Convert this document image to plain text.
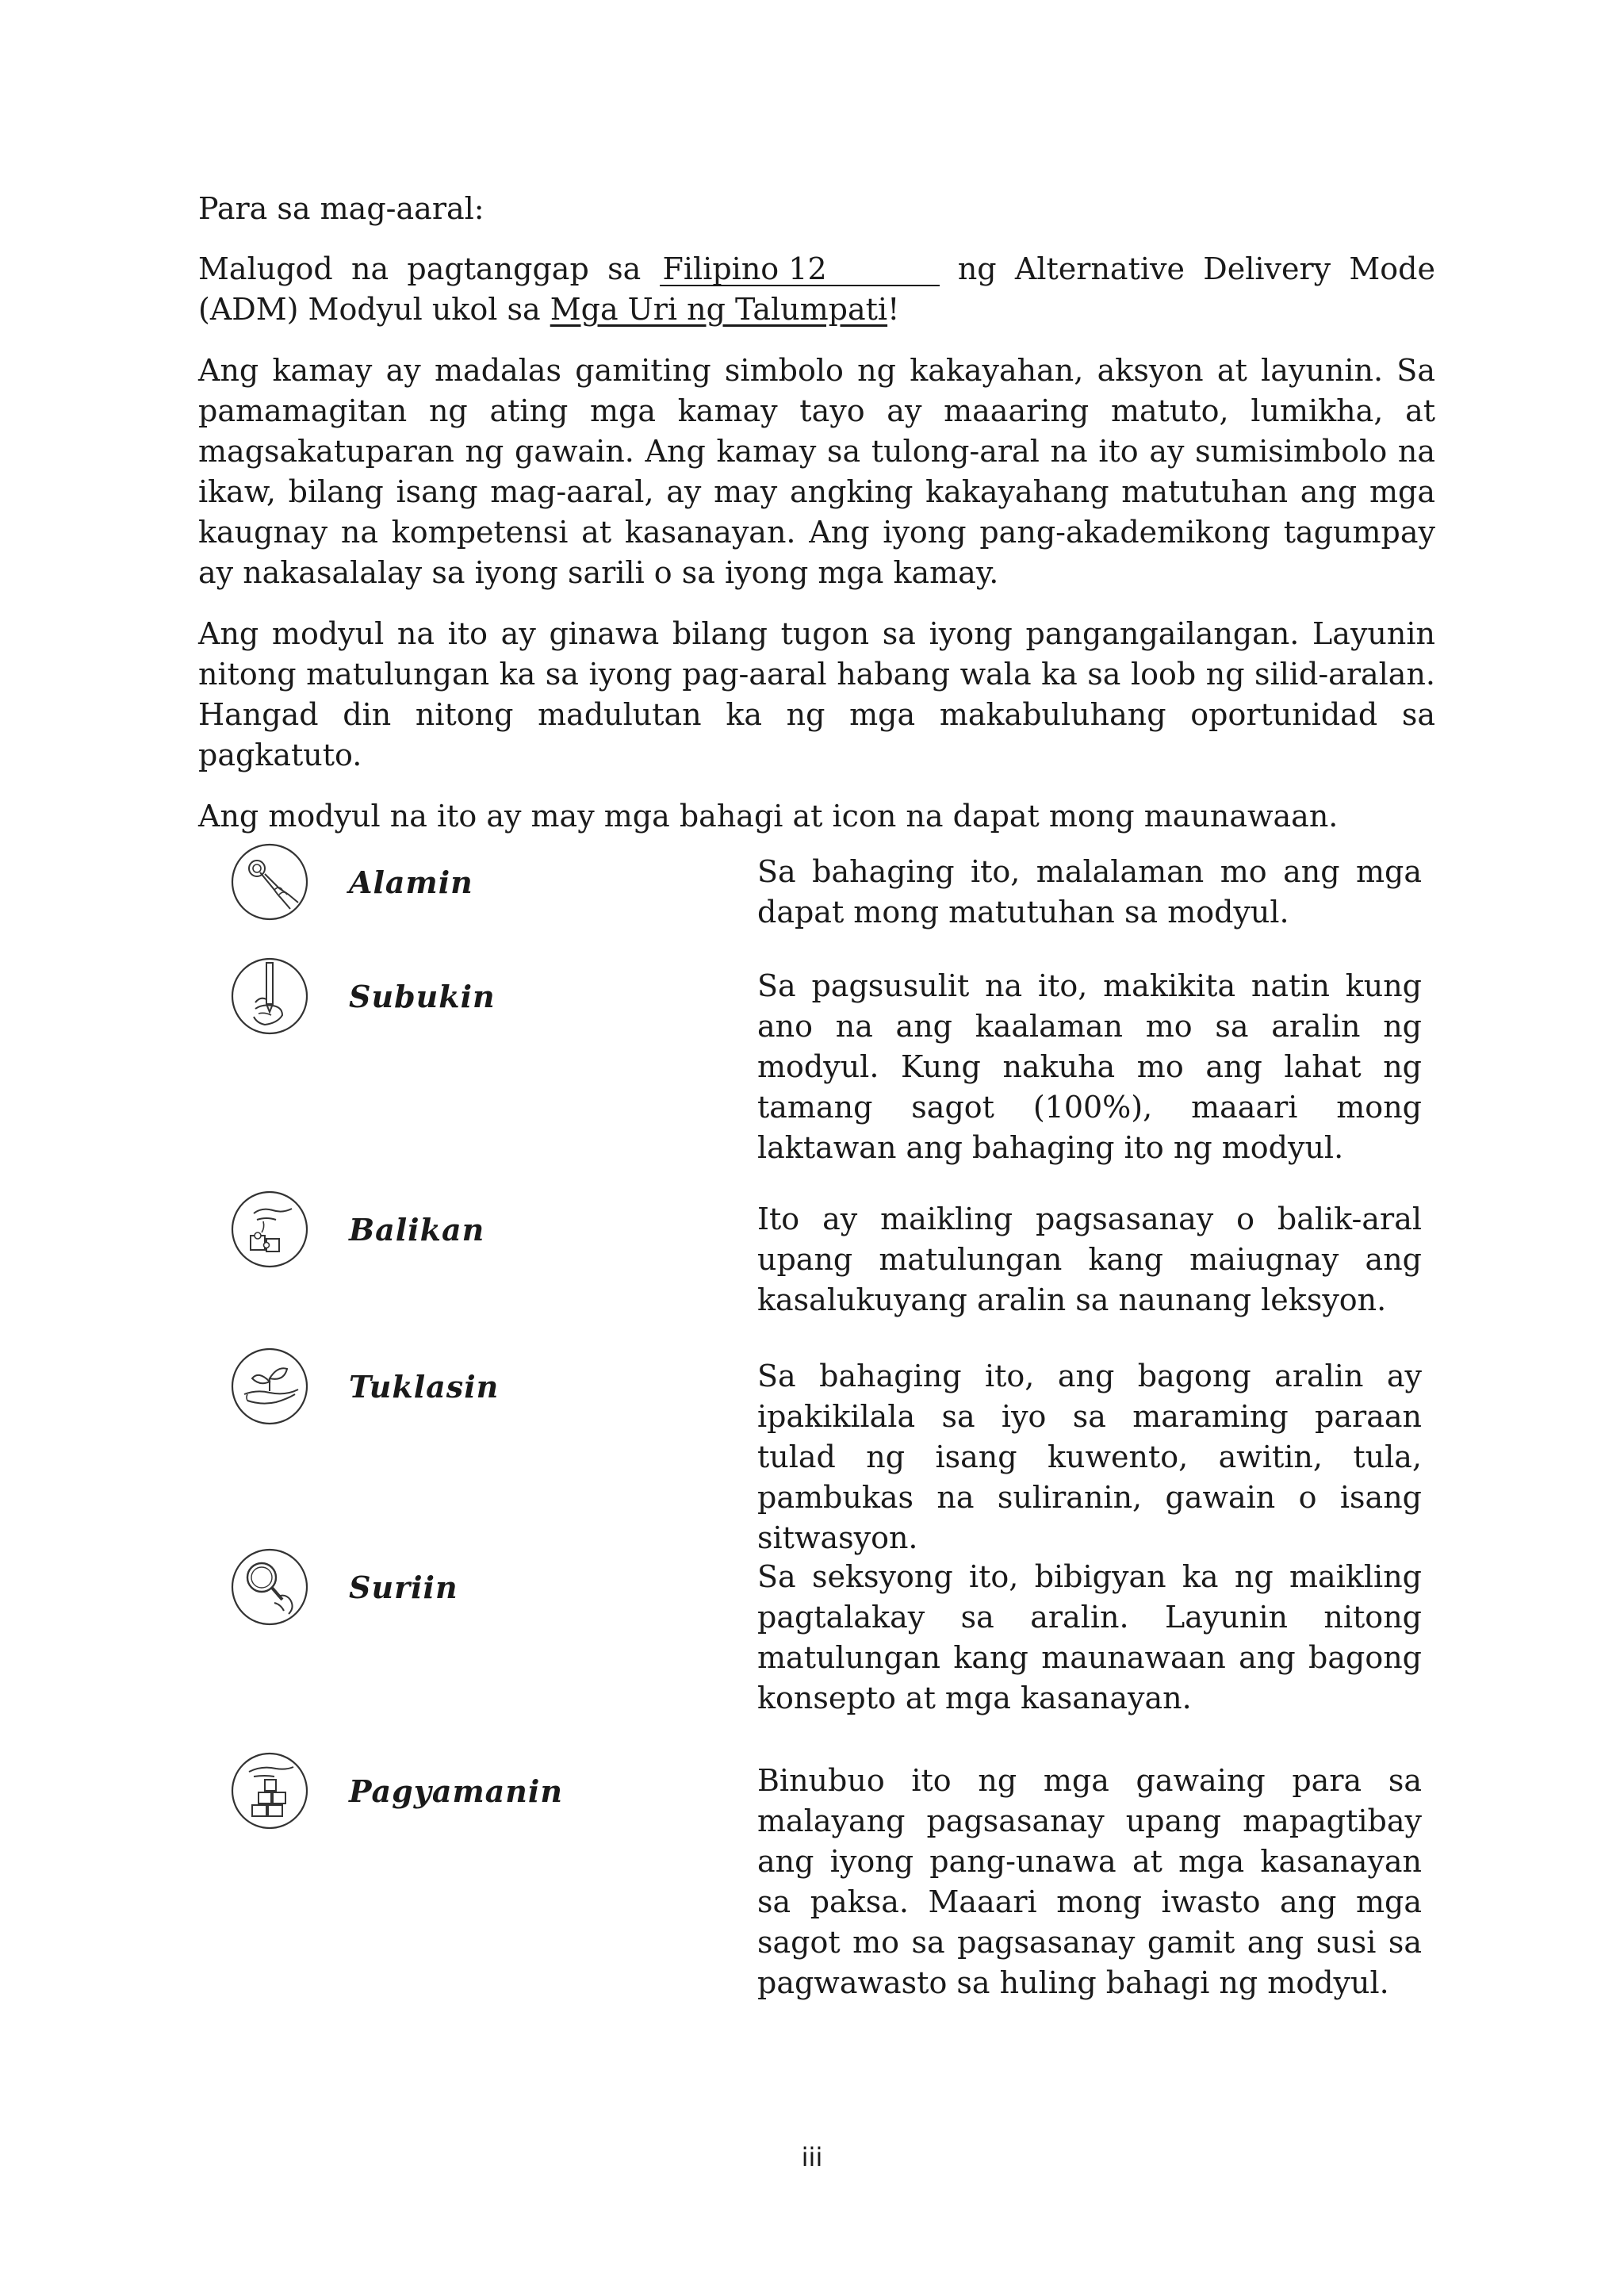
Para sa mag-aaral:

Malugod na pagtanggap sa Filipino 12	ng Alternative Delivery Mode (ADM) Modyul ukol sa Mga Uri ng Talumpati!

Ang kamay ay madalas gamiting simbolo ng kakayahan, aksyon at layunin. Sa pamamagitan ng ating mga kamay tayo ay maaaring matuto, lumikha, at magsakatuparan ng gawain. Ang kamay sa tulong-aral na ito ay sumisimbolo na ikaw, bilang isang mag-aaral, ay may angking kakayahang matutuhan ang mga kaugnay na kompetensi at kasanayan. Ang iyong pang-akademikong tagumpay ay nakasalalay sa iyong sarili o sa iyong mga kamay.

Ang modyul na ito ay ginawa bilang tugon sa iyong pangangailangan. Layunin nitong matulungan ka sa iyong pag-aaral habang wala ka sa loob ng silid-aralan. Hangad din nitong madulutan ka ng mga makabuluhang oportunidad sa pagkatuto.

Ang modyul na ito ay may mga bahagi at icon na dapat mong maunawaan.

Alamin	Sa bahaging ito, malalaman mo ang mga dapat mong matutuhan sa modyul.
Subukin	Sa pagsusulit na ito, makikita natin kung ano na ang kaalaman mo sa aralin ng modyul. Kung nakuha mo ang lahat ng tamang sagot (100%), maaari mong laktawan ang bahaging ito ng modyul.
Balikan	Ito ay maikling pagsasanay o balik-aral upang matulungan kang maiugnay ang kasalukuyang aralin sa naunang leksyon.
Tuklasin	Sa bahaging ito, ang bagong aralin ay ipakikilala sa iyo sa maraming paraan tulad ng isang kuwento, awitin, tula, pambukas na suliranin, gawain o isang sitwasyon.
Suriin	Sa seksyong ito, bibigyan ka ng maikling pagtalakay sa aralin. Layunin nitong matulungan kang maunawaan ang bagong konsepto at mga kasanayan.
Pagyamanin	Binubuo ito ng mga gawaing para sa malayang pagsasanay upang mapagtibay ang iyong pang-unawa at mga kasanayan sa paksa. Maaari mong iwasto ang mga sagot mo sa pagsasanay gamit ang susi sa pagwawasto sa huling bahagi ng modyul.
iii
